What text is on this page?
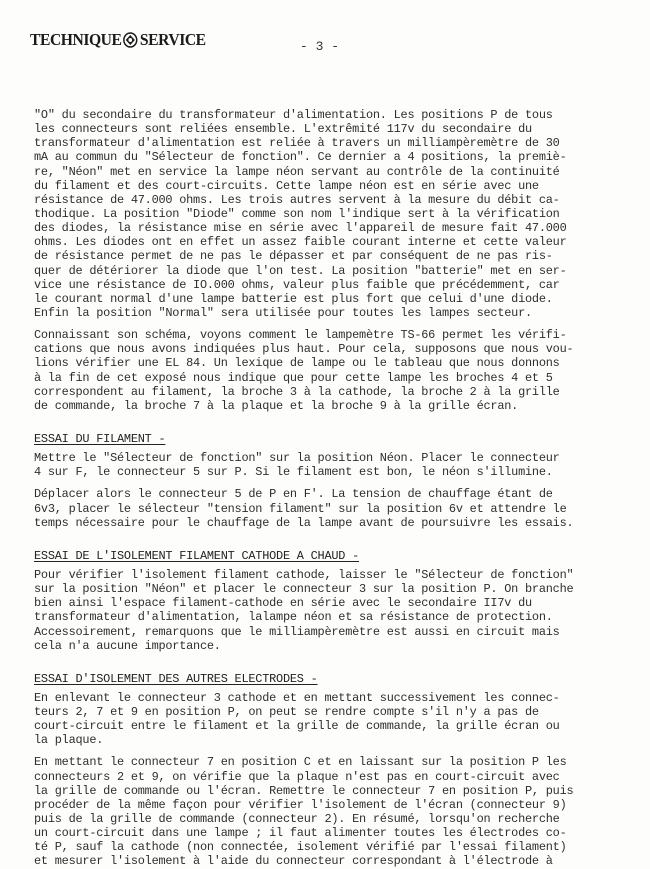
TECHNIQUE SERVICE	- 3 -
"O" du secondaire du transformateur d'alimentation. Les positions P de tous
les connecteurs sont reliées ensemble. L'extrêmité 117v du secondaire du
transformateur d'alimentation est reliée à travers un milliampèremètre de 30
mA au commun du "Sélecteur de fonction". Ce dernier a 4 positions, la premiè-
re, "Néon" met en service la lampe néon servant au contrôle de la continuité
du filament et des court-circuits. Cette lampe néon est en série avec une
résistance de 47.000 ohms. Les trois autres servent à la mesure du débit ca-
thodique. La position "Diode" comme son nom l'indique sert à la vérification
des diodes, la résistance mise en série avec l'appareil de mesure fait 47.000
ohms. Les diodes ont en effet un assez faible courant interne et cette valeur
de résistance permet de ne pas le dépasser et par conséquent de ne pas ris-
quer de détériorer la diode que l'on test. La position "batterie" met en ser-
vice une résistance de IO.000 ohms, valeur plus faible que précédemment, car
le courant normal d'une lampe batterie est plus fort que celui d'une diode.
Enfin la position "Normal" sera utilisée pour toutes les lampes secteur.
Connaissant son schéma, voyons comment le lampemètre TS-66 permet les vérifi-
cations que nous avons indiquées plus haut. Pour cela, supposons que nous vou-
lions vérifier une EL 84. Un lexique de lampe ou le tableau que nous donnons
à la fin de cet exposé nous indique que pour cette lampe les broches 4 et 5
correspondent au filament, la broche 3 à la cathode, la broche 2 à la grille
de commande, la broche 7 à la plaque et la broche 9 à la grille écran.
ESSAI DU FILAMENT -
Mettre le "Sélecteur de fonction" sur la position Néon. Placer le connecteur
4 sur F, le connecteur 5 sur P. Si le filament est bon, le néon s'illumine.
Déplacer alors le connecteur 5 de P en F'. La tension de chauffage étant de
6v3, placer le sélecteur "tension filament" sur la position 6v et attendre le
temps nécessaire pour le chauffage de la lampe avant de poursuivre les essais.
ESSAI DE L'ISOLEMENT FILAMENT CATHODE A CHAUD -
Pour vérifier l'isolement filament cathode, laisser le "Sélecteur de fonction"
sur la position "Néon" et placer le connecteur 3 sur la position P. On branche
bien ainsi l'espace filament-cathode en série avec le secondaire II7v du
transformateur d'alimentation, lalampe néon et sa résistance de protection.
Accessoirement, remarquons que le milliampèremètre est aussi en circuit mais
cela n'a aucune importance.
ESSAI D'ISOLEMENT DES AUTRES ELECTRODES -
En enlevant le connecteur 3 cathode et en mettant successivement les connec-
teurs 2, 7 et 9 en position P, on peut se rendre compte s'il n'y a pas de
court-circuit entre le filament et la grille de commande, la grille écran ou
la plaque.
En mettant le connecteur 7 en position C et en laissant sur la position P les
connecteurs 2 et 9, on vérifie que la plaque n'est pas en court-circuit avec
la grille de commande ou l'écran. Remettre le connecteur 7 en position P, puis
procéder de la même façon pour vérifier l'isolement de l'écran (connecteur 9)
puis de la grille de commande (connecteur 2). En résumé, lorsqu'on recherche
un court-circuit dans une lampe ; il faut alimenter toutes les électrodes co-
té P, sauf la cathode (non connectée, isolement vérifié par l'essai filament)
et mesurer l'isolement à l'aide du connecteur correspondant à l'électrode à
